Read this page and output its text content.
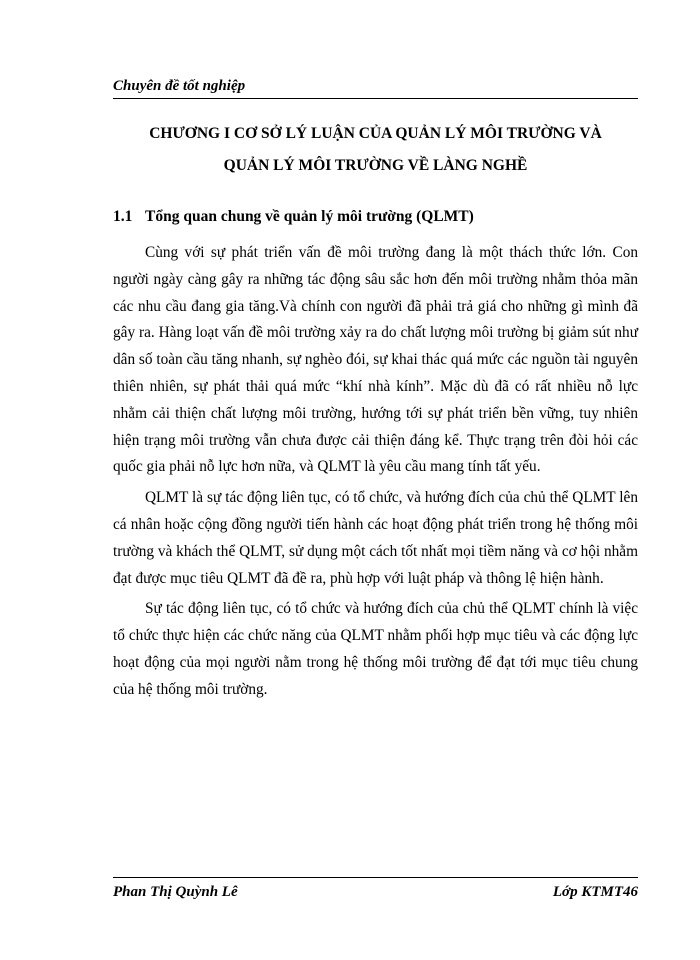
Chuyên đề tốt nghiệp
CHƯƠNG I CƠ SỞ LÝ LUẬN CỦA QUẢN LÝ MÔI TRƯỜNG VÀ
QUẢN LÝ MÔI TRƯỜNG VỀ LÀNG NGHỀ
1.1 Tổng quan chung về quản lý môi trường (QLMT)

Cùng với sự phát triển vấn đề môi trường đang là một thách thức lớn. Con người ngày càng gây ra những tác động sâu sắc hơn đến môi trường nhằm thỏa mãn các nhu cầu đang gia tăng.Và chính con người đã phải trả giá cho những gì mình đã gây ra. Hàng loạt vấn đề môi trường xảy ra do chất lượng môi trường bị giảm sút như dân số toàn cầu tăng nhanh, sự nghèo đói, sự khai thác quá mức các nguồn tài nguyên thiên nhiên, sự phát thải quá mức “khí nhà kính”. Mặc dù đã có rất nhiều nỗ lực nhằm cải thiện chất lượng môi trường, hướng tới sự phát triển bền vững, tuy nhiên hiện trạng môi trường vẫn chưa được cải thiện đáng kể. Thực trạng trên đòi hỏi các quốc gia phải nỗ lực hơn nữa, và QLMT là yêu cầu mang tính tất yếu.

QLMT là sự tác động liên tục, có tổ chức, và hướng đích của chủ thể QLMT lên cá nhân hoặc cộng đồng người tiến hành các hoạt động phát triển trong hệ thống môi trường và khách thể QLMT, sử dụng một cách tốt nhất mọi tiềm năng và cơ hội nhằm đạt được mục tiêu QLMT đã đề ra, phù hợp với luật pháp và thông lệ hiện hành.

Sự tác động liên tục, có tổ chức và hướng đích của chủ thể QLMT chính là việc tổ chức thực hiện các chức năng của QLMT nhằm phối hợp mục tiêu và các động lực hoạt động của mọi người nằm trong hệ thống môi trường để đạt tới mục tiêu chung của hệ thống môi trường.

Phan Thị Quỳnh Lê	Lớp KTMT46
